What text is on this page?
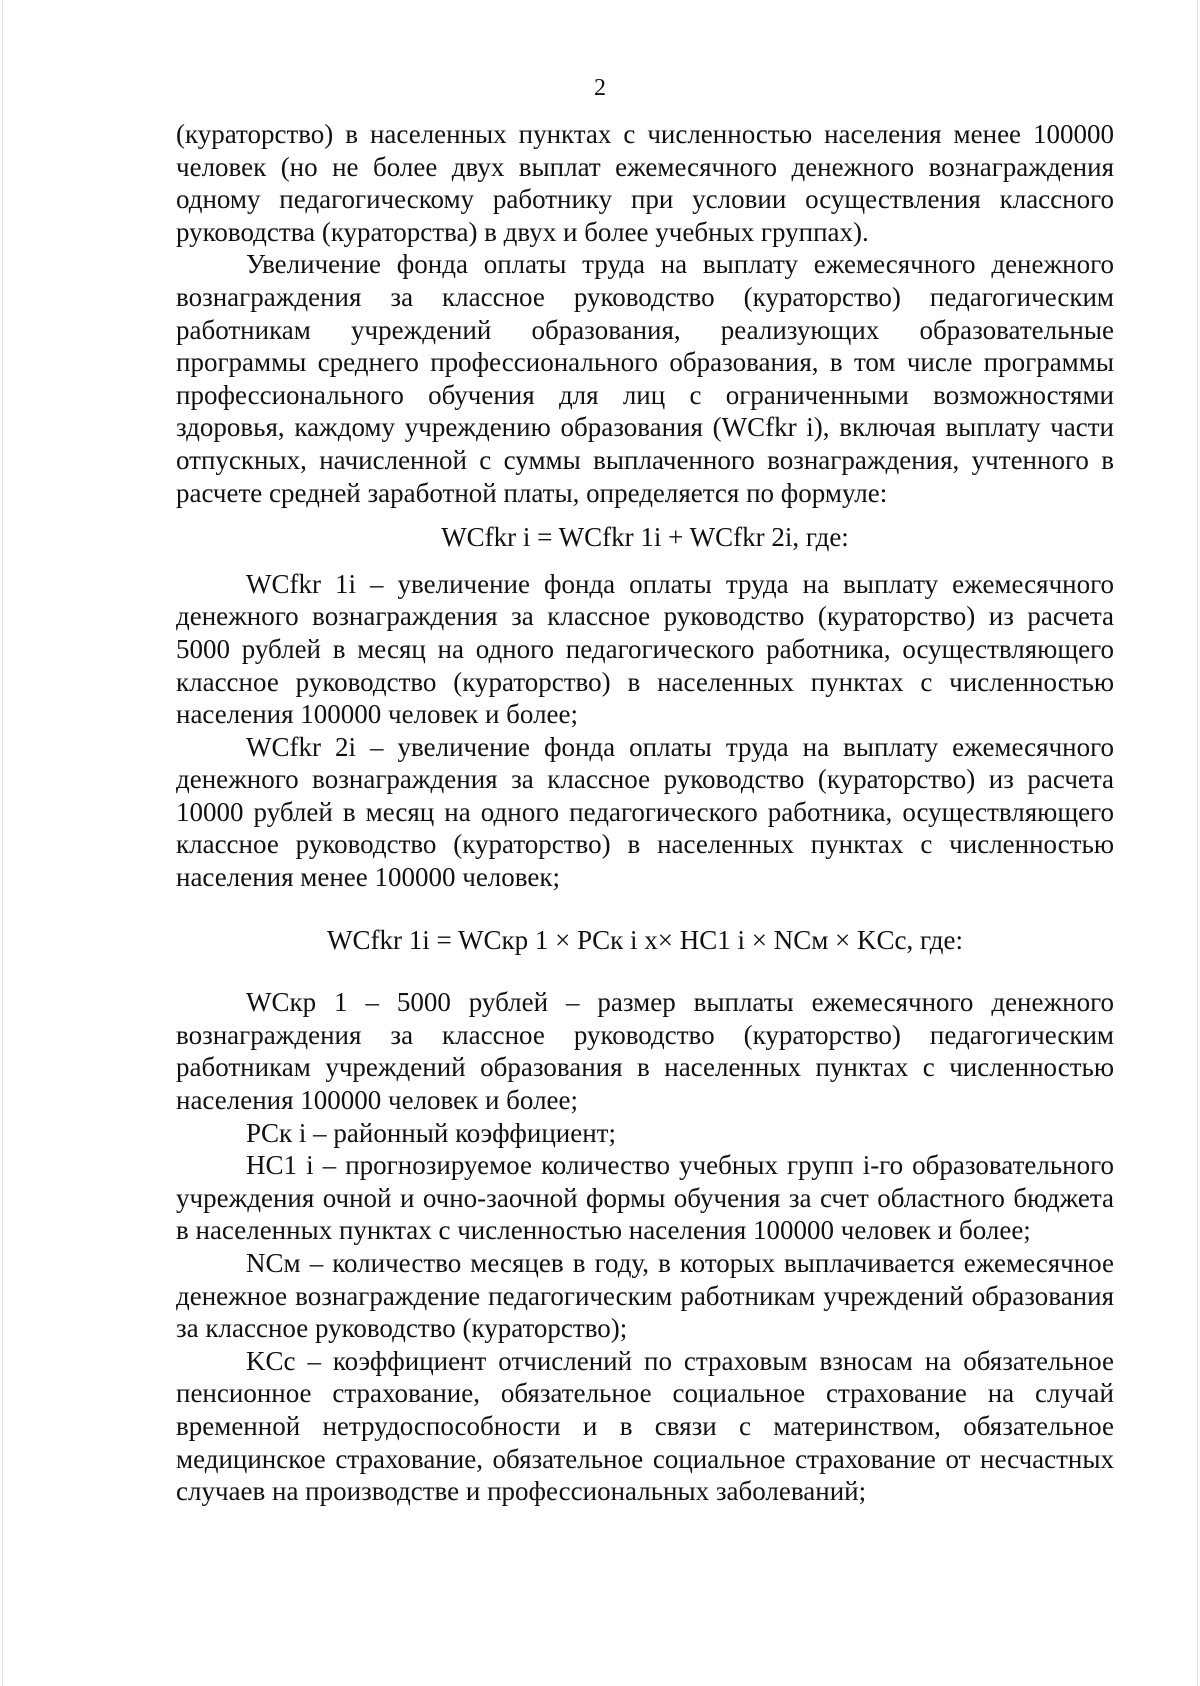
2

(кураторство) в населенных пунктах с численностью населения менее 100000 человек (но не более двух выплат ежемесячного денежного вознаграждения одному педагогическому работнику при условии осуществления классного руководства (кураторства) в двух и более учебных группах).

Увеличение фонда оплаты труда на выплату ежемесячного денежного вознаграждения за классное руководство (кураторство) педагогическим работникам учреждений образования, реализующих образовательные программы среднего профессионального образования, в том числе программы профессионального обучения для лиц с ограниченными возможностями здоровья, каждому учреждению образования (WCfkr i), включая выплату части отпускных, начисленной с суммы выплаченного вознаграждения, учтенного в расчете средней заработной платы, определяется по формуле:

WCfkr i = WCfkr 1i + WCfkr 2i, где:

WCfkr 1i – увеличение фонда оплаты труда на выплату ежемесячного денежного вознаграждения за классное руководство (кураторство) из расчета 5000 рублей в месяц на одного педагогического работника, осуществляющего классное руководство (кураторство) в населенных пунктах с численностью населения 100000 человек и более;

WCfkr 2i – увеличение фонда оплаты труда на выплату ежемесячного денежного вознаграждения за классное руководство (кураторство) из расчета 10000 рублей в месяц на одного педагогического работника, осуществляющего классное руководство (кураторство) в населенных пунктах с численностью населения менее 100000 человек;

WCfkr 1i = WCкр 1 × PCк i x× HC1 i × NCм × KCc, где:

WCкр 1 – 5000 рублей – размер выплаты ежемесячного денежного вознаграждения за классное руководство (кураторство) педагогическим работникам учреждений образования в населенных пунктах с численностью населения 100000 человек и более;

PCк i – районный коэффициент;

HC1 i – прогнозируемое количество учебных групп i-го образовательного учреждения очной и очно-заочной формы обучения за счет областного бюджета в населенных пунктах с численностью населения 100000 человек и более;

NCм – количество месяцев в году, в которых выплачивается ежемесячное денежное вознаграждение педагогическим работникам учреждений образования за классное руководство (кураторство);

KCc – коэффициент отчислений по страховым взносам на обязательное пенсионное страхование, обязательное социальное страхование на случай временной нетрудоспособности и в связи с материнством, обязательное медицинское страхование, обязательное социальное страхование от несчастных случаев на производстве и профессиональных заболеваний;
